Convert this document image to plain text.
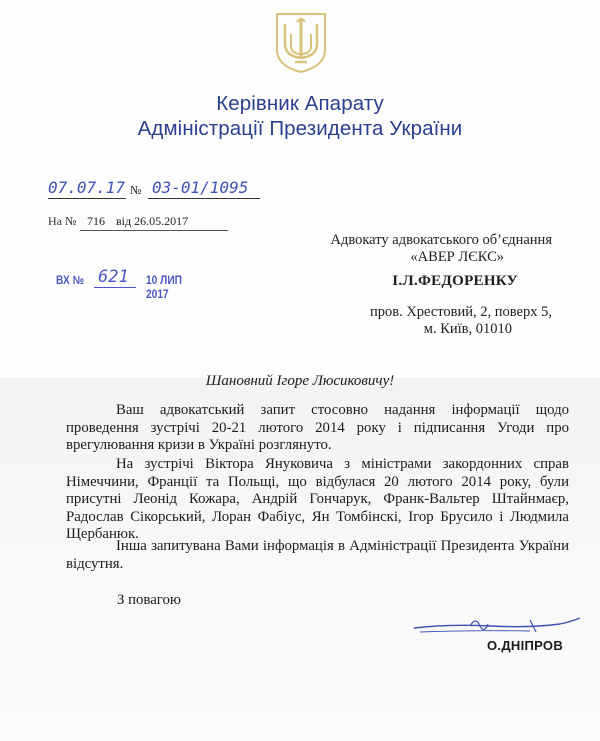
Керівник Апарату
Адміністрації Президента України
07.07.17 № 03-01/1095
На № 716 від 26.05.2017
ВХ № 621 10 ЛИП 2017
Адвокату адвокатського об’єднання
«АВЕР ЛЄКС»
І.Л.ФЕДОРЕНКУ
пров. Хрестовий, 2, поверх 5,
м. Київ, 01010
Шановний Ігоре Люсиковичу!

Ваш адвокатський запит стосовно надання інформації щодо проведення зустрічі 20-21 лютого 2014 року і підписання Угоди про врегулювання кризи в Україні розглянуто.

На зустрічі Віктора Януковича з міністрами закордонних справ Німеччини, Франції та Польщі, що відбулася 20 лютого 2014 року, були присутні Леонід Кожара, Андрій Гончарук, Франк-Вальтер Штайнмаєр, Радослав Сікорський, Лоран Фабіус, Ян Томбінскі, Ігор Брусило і Людмила Щербанюк.

Інша запитувана Вами інформація в Адміністрації Президента України відсутня.

З повагою
О.ДНІПРОВ
